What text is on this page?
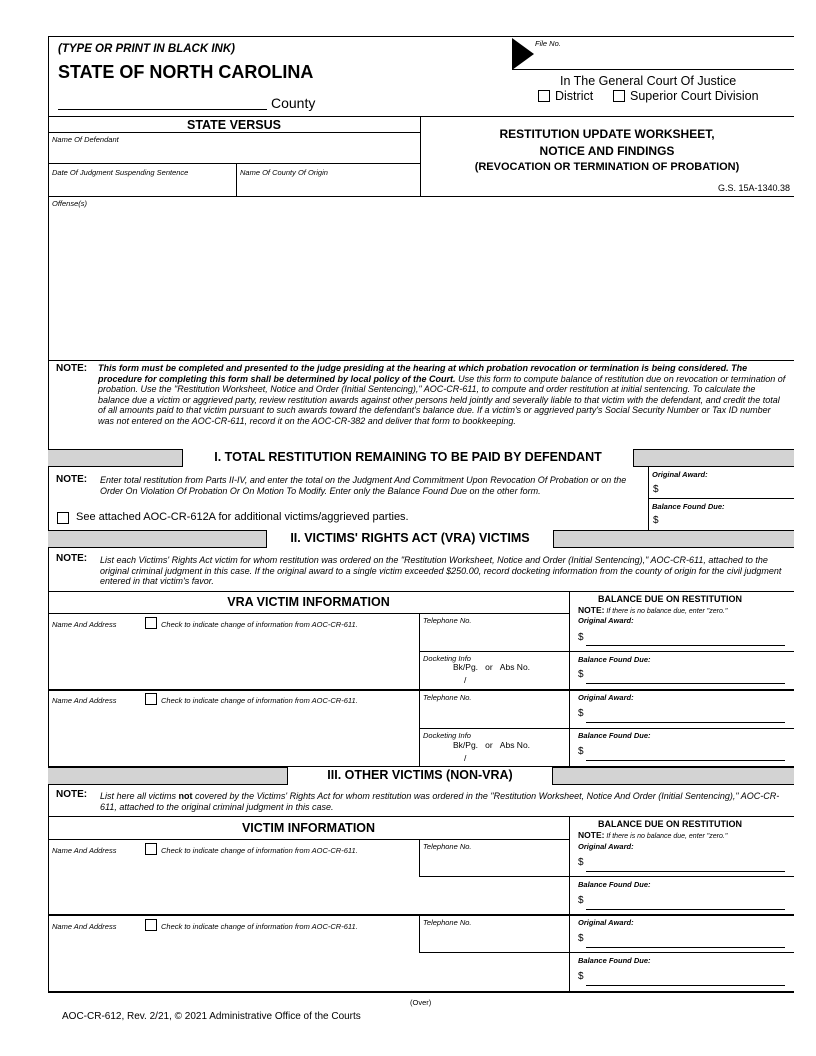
(TYPE OR PRINT IN BLACK INK)
STATE OF NORTH CAROLINA
County
File No.
In The General Court Of Justice
District	Superior Court Division
STATE VERSUS
Name Of Defendant
Date Of Judgment Suspending Sentence	Name Of County Of Origin
RESTITUTION UPDATE WORKSHEET,
NOTICE AND FINDINGS
(REVOCATION OR TERMINATION OF PROBATION)
G.S. 15A-1340.38
Offense(s)
NOTE: This form must be completed and presented to the judge presiding at the hearing at which probation revocation or termination is being considered. The procedure for completing this form shall be determined by local policy of the Court. Use this form to compute balance of restitution due on revocation or termination of probation. Use the "Restitution Worksheet, Notice and Order (Initial Sentencing)," AOC-CR-611, to compute and order restitution at initial sentencing. To calculate the balance due a victim or aggrieved party, review restitution awards against other persons held jointly and severally liable to that victim with the defendant, and credit the total of all amounts paid to that victim pursuant to such awards toward the defendant's balance due. If a victim's or aggrieved party's Social Security Number or Tax ID number was not entered on the AOC-CR-611, record it on the AOC-CR-382 and deliver that form to bookkeeping.
I. TOTAL RESTITUTION REMAINING TO BE PAID BY DEFENDANT
NOTE: Enter total restitution from Parts II-IV, and enter the total on the Judgment And Commitment Upon Revocation Of Probation or on the Order On Violation Of Probation Or On Motion To Modify. Enter only the Balance Found Due on the other form.
See attached AOC-CR-612A for additional victims/aggrieved parties.
Original Award:
$
Balance Found Due:
$
II. VICTIMS' RIGHTS ACT (VRA) VICTIMS
NOTE: List each Victims' Rights Act victim for whom restitution was ordered on the "Restitution Worksheet, Notice and Order (Initial Sentencing)," AOC-CR-611, attached to the original criminal judgment in this case. If the original award to a single victim exceeded $250.00, record docketing information from the county of origin for the civil judgment entered in that victim's favor.
VRA VICTIM INFORMATION	BALANCE DUE ON RESTITUTION
NOTE: If there is no balance due, enter "zero."
Name And Address	Check to indicate change of information from AOC-CR-611.	Telephone No.
Docketing Info
Bk/Pg. or Abs No.
/
Original Award:
$
Balance Found Due:
$
Name And Address	Check to indicate change of information from AOC-CR-611.	Telephone No.
Docketing Info
Bk/Pg. or Abs No.
/
Original Award:
$
Balance Found Due:
$
III. OTHER VICTIMS (NON-VRA)
NOTE: List here all victims not covered by the Victims' Rights Act for whom restitution was ordered in the "Restitution Worksheet, Notice And Order (Initial Sentencing)," AOC-CR-611, attached to the original criminal judgment in this case.
VICTIM INFORMATION	BALANCE DUE ON RESTITUTION
NOTE: If there is no balance due, enter "zero."
Name And Address	Check to indicate change of information from AOC-CR-611.	Telephone No.	Original Award:
$
Balance Found Due:
$
Name And Address	Check to indicate change of information from AOC-CR-611.	Telephone No.	Original Award:
$
Balance Found Due:
$
(Over)
AOC-CR-612, Rev. 2/21, © 2021 Administrative Office of the Courts
